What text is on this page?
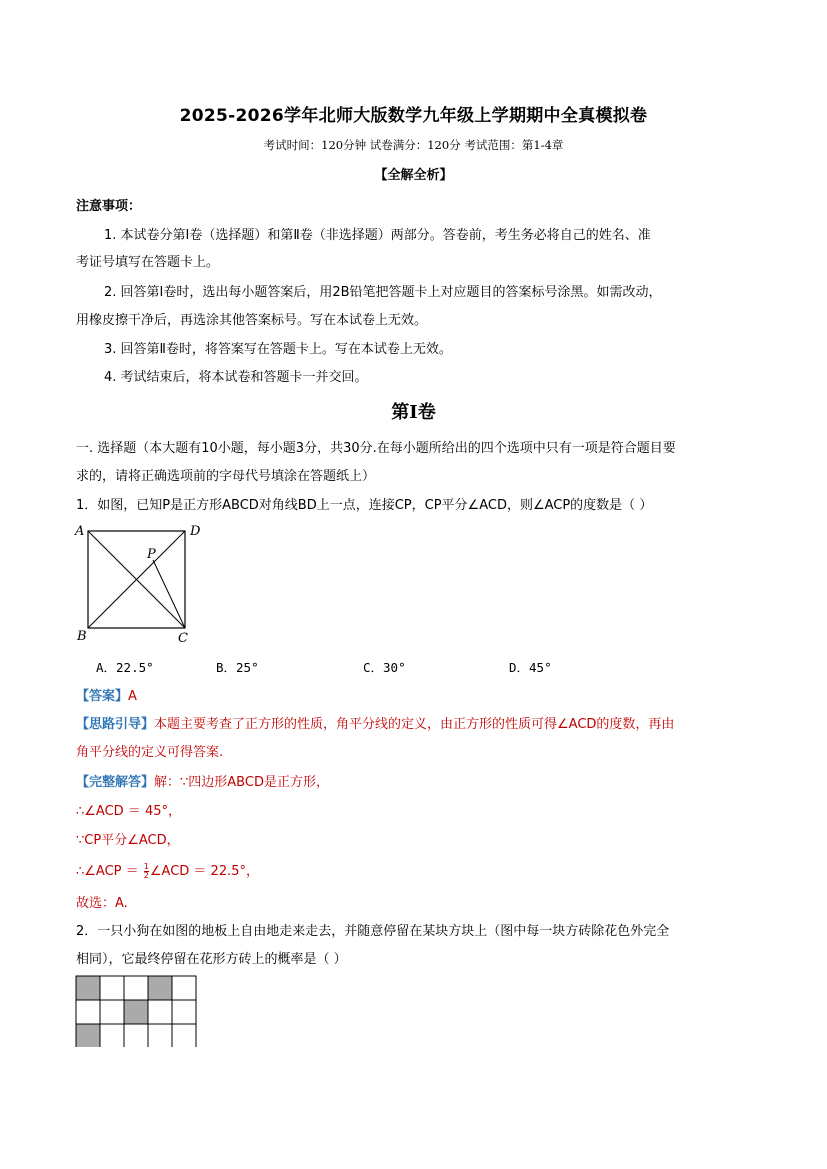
2025-2026学年北师大版数学九年级上学期期中全真模拟卷
考试时间：120分钟 试卷满分：120分 考试范围：第1-4章
【全解全析】
注意事项：
1. 本试卷分第Ⅰ卷（选择题）和第Ⅱ卷（非选择题）两部分。答卷前，考生务必将自己的姓名、准
考证号填写在答题卡上。
2. 回答第Ⅰ卷时，选出每小题答案后，用2B铅笔把答题卡上对应题目的答案标号涂黑。如需改动，
用橡皮擦干净后，再选涂其他答案标号。写在本试卷上无效。
3. 回答第Ⅱ卷时，将答案写在答题卡上。写在本试卷上无效。
4. 考试结束后，将本试卷和答题卡一并交回。
第I卷
一. 选择题（本大题有10小题，每小题3分，共30分.在每小题所给出的四个选项中只有一项是符合题目要
求的，请将正确选项前的字母代号填涂在答题纸上）
1．如图，已知P是正方形ABCD对角线BD上一点，连接CP，CP平分∠ACD，则∠ACP的度数是（ ）
A	D
B	C
P
A．22.5°	B．25°	C．30°	D．45°
【答案】A
【思路引导】本题主要考查了正方形的性质，角平分线的定义，由正方形的性质可得∠ACD的度数，再由
角平分线的定义可得答案.
【完整解答】解：∵四边形ABCD是正方形，
∴∠ACD ＝ 45°，
∵CP平分∠ACD，
∴∠ACP ＝ $\frac{1}{2}$ ∠ACD ＝ 22.5°，
故选：A.
2．一只小狗在如图的地板上自由地走来走去，并随意停留在某块方块上（图中每一块方砖除花色外完全
相同），它最终停留在花形方砖上的概率是（ ）
